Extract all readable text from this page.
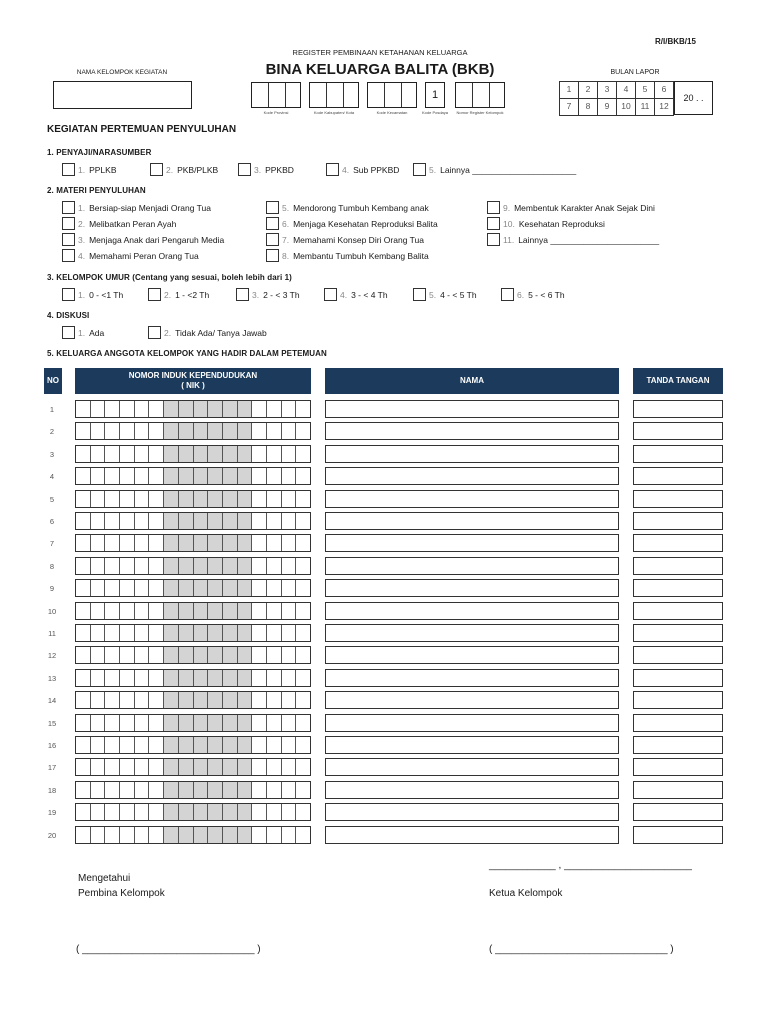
R/I/BKB/15
REGISTER PEMBINAAN KETAHANAN KELUARGA
BINA KELUARGA BALITA (BKB)
NAMA KELOMPOK KEGIATAN
Kode Provinsi	Kode Kabupaten/ Kota	Kode Kecamatan
1
Kode Posdaya	Nomor Register Kelompok
BULAN LAPOR
1	2	3	4	5	6
7	8	9	10	11	12
20 . .
KEGIATAN PERTEMUAN PENYULUHAN
1. PENYAJI/NARASUMBER
1. PPLKB	2. PKB/PLKB	3. PPKBD	4. Sub PPKBD	5. Lainnya ______________________
2. MATERI PENYULUHAN
1. Bersiap-siap Menjadi Orang Tua
2. Melibatkan Peran Ayah
3. Menjaga Anak dari Pengaruh Media
4. Memahami Peran Orang Tua
5. Mendorong Tumbuh Kembang anak
6. Menjaga Kesehatan Reproduksi Balita
7. Memahami Konsep Diri Orang Tua
8. Membantu Tumbuh Kembang Balita
9. Membentuk Karakter Anak Sejak Dini
10. Kesehatan Reproduksi
11. Lainnya _______________________
3. KELOMPOK UMUR (Centang yang sesuai, boleh lebih dari 1)
1. 0 - <1 Th	2. 1 - <2 Th	3. 2 - < 3 Th	4. 3 - < 4 Th	5. 4 - < 5 Th	6. 5 - < 6 Th
4. DISKUSI
1. Ada	2. Tidak Ada/ Tanya Jawab
5. KELUARGA ANGGOTA KELOMPOK YANG HADIR DALAM PETEMUAN
NO
NOMOR INDUK KEPENDUDUKAN
( NIK )
NAMA	TANDA TANGAN
1
2
3
4
5
6
7
8
9
10
11
12
13
14
15
16
17
18
19
20
____________ , _______________________
Mengetahui
Pembina Kelompok	Ketua Kelompok
( _______________________________ )	( _______________________________ )
